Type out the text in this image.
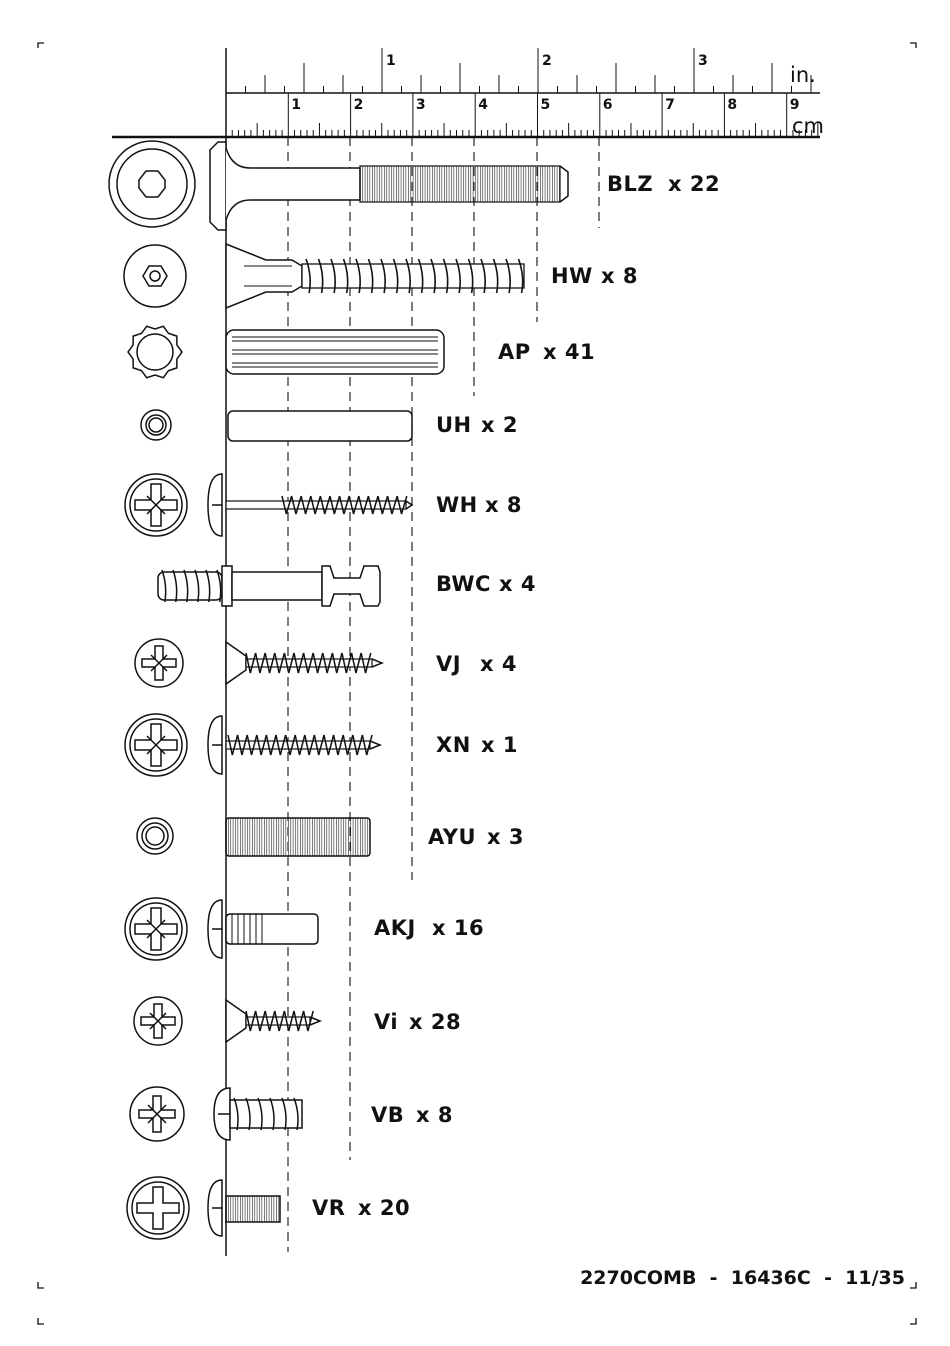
1	2	3
1	2	3	4	5	6	7	8	9
in.
cm
BLZ x 22
HW x 8
AP x 41
UH x 2
WH x 8
BWC x 4
VJ x 4
XN x 1
AYU x 3
AKJ x 16
Vi x 28
VB x 8
VR x 20
2270COMB  -  16436C  -  11/35
